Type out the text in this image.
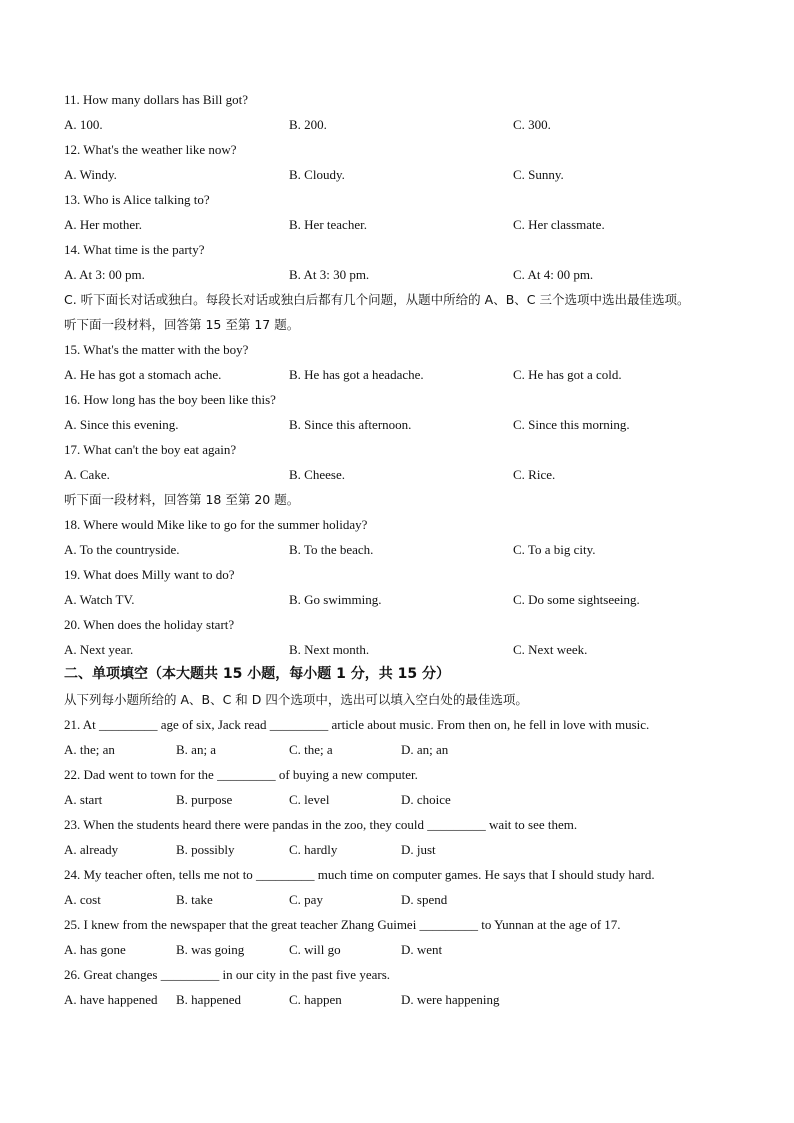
11. How many dollars has Bill got?
A. 100.	B. 200.	C. 300.
12. What's the weather like now?
A. Windy.	B. Cloudy.	C. Sunny.
13. Who is Alice talking to?
A. Her mother.	B. Her teacher.	C. Her classmate.
14. What time is the party?
A. At 3: 00 pm.	B. At 3: 30 pm.	C. At 4: 00 pm.
C. 听下面长对话或独白。每段长对话或独白后都有几个问题，从题中所给的 A、B、C 三个选项中选出最佳选项。
听下面一段材料，回答第 15 至第 17 题。
15. What's the matter with the boy?
A. He has got a stomach ache.	B. He has got a headache.	C. He has got a cold.
16. How long has the boy been like this?
A. Since this evening.	B. Since this afternoon.	C. Since this morning.
17. What can't the boy eat again?
A. Cake.	B. Cheese.	C. Rice.
听下面一段材料，回答第 18 至第 20 题。
18. Where would Mike like to go for the summer holiday?
A. To the countryside.	B. To the beach.	C. To a big city.
19. What does Milly want to do?
A. Watch TV.	B. Go swimming.	C. Do some sightseeing.
20. When does the holiday start?
A. Next year.	B. Next month.	C. Next week.
二、单项填空（本大题共 15 小题，每小题 1 分，共 15 分）
从下列每小题所给的 A、B、C 和 D 四个选项中，选出可以填入空白处的最佳选项。
21. At _________ age of six, Jack read _________ article about music. From then on, he fell in love with music.
A. the; an	B. an; a	C. the; a	D. an; an
22. Dad went to town for the _________ of buying a new computer.
A. start	B. purpose	C. level	D. choice
23. When the students heard there were pandas in the zoo, they could _________ wait to see them.
A. already	B. possibly	C. hardly	D. just
24. My teacher often, tells me not to _________ much time on computer games. He says that I should study hard.
A. cost	B. take	C. pay	D. spend
25. I knew from the newspaper that the great teacher Zhang Guimei _________ to Yunnan at the age of 17.
A. has gone	B. was going	C. will go	D. went
26. Great changes _________ in our city in the past five years.
A. have happened B. happened	C. happen	D. were happening
